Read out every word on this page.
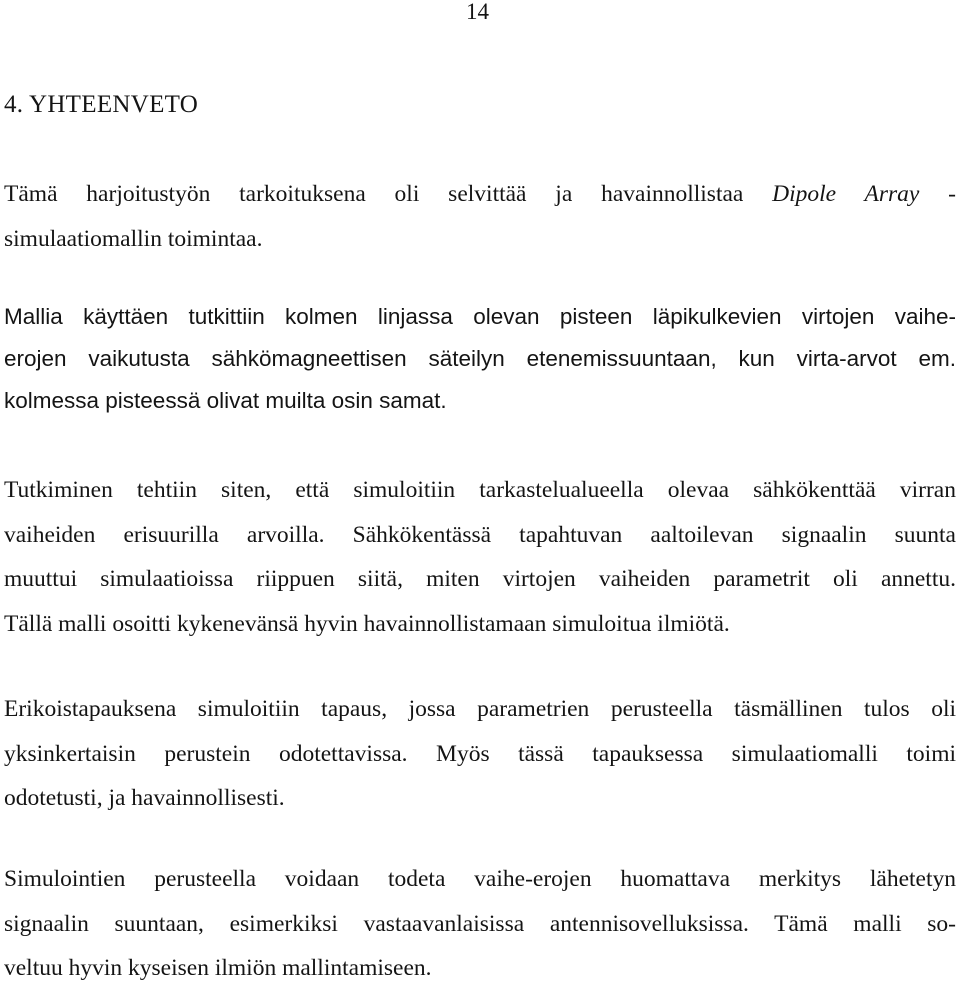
14
4. YHTEENVETO

Tämä harjoitustyön tarkoituksena oli selvittää ja havainnollistaa Dipole Array -
simulaatiomallin toimintaa.

Mallia käyttäen tutkittiin kolmen linjassa olevan pisteen läpikulkevien virtojen vaihe-
erojen vaikutusta sähkömagneettisen säteilyn etenemissuuntaan, kun virta-arvot em.
kolmessa pisteessä olivat muilta osin samat.

Tutkiminen tehtiin siten, että simuloitiin tarkastelualueella olevaa sähkökenttää virran
vaiheiden erisuurilla arvoilla. Sähkökentässä tapahtuvan aaltoilevan signaalin suunta
muuttui simulaatioissa riippuen siitä, miten virtojen vaiheiden parametrit oli annettu.
Tällä malli osoitti kykenevänsä hyvin havainnollistamaan simuloitua ilmiötä.

Erikoistapauksena simuloitiin tapaus, jossa parametrien perusteella täsmällinen tulos oli
yksinkertaisin perustein odotettavissa. Myös tässä tapauksessa simulaatiomalli toimi
odotetusti, ja havainnollisesti.

Simulointien perusteella voidaan todeta vaihe-erojen huomattava merkitys lähetetyn
signaalin suuntaan, esimerkiksi vastaavanlaisissa antennisovelluksissa. Tämä malli so-
veltuu hyvin kyseisen ilmiön mallintamiseen.
